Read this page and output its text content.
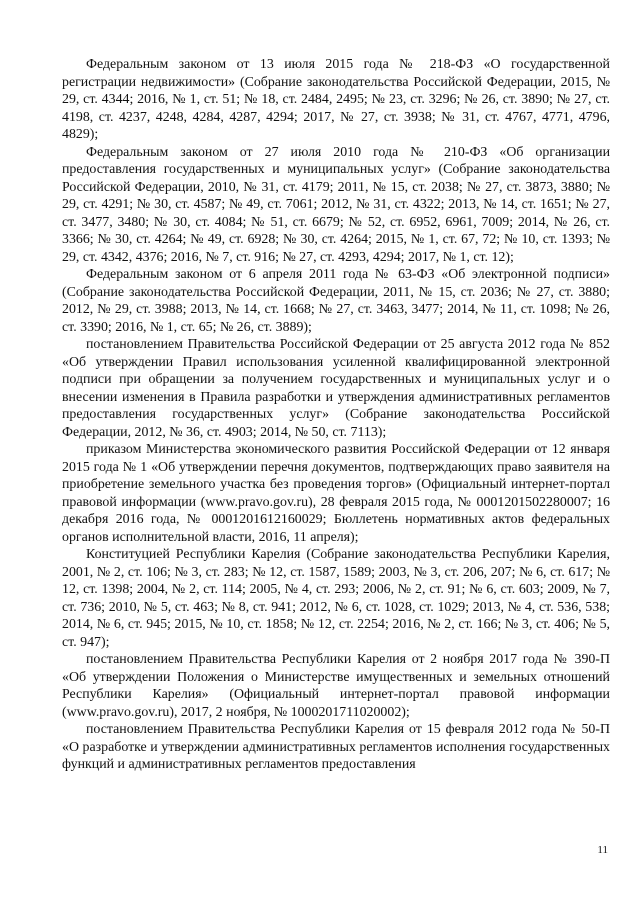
Федеральным законом от 13 июля 2015 года № 218-ФЗ «О государственной регистрации недвижимости» (Собрание законодательства Российской Федерации, 2015, № 29, ст. 4344; 2016, № 1, ст. 51; № 18, ст. 2484, 2495; № 23, ст. 3296; № 26, ст. 3890; № 27, ст. 4198, ст. 4237, 4248, 4284, 4287, 4294; 2017, № 27, ст. 3938; № 31, ст. 4767, 4771, 4796, 4829);

Федеральным законом от 27 июля 2010 года № 210-ФЗ «Об организации предоставления государственных и муниципальных услуг» (Собрание законодательства Российской Федерации, 2010, № 31, ст. 4179; 2011, № 15, ст. 2038; № 27, ст. 3873, 3880; № 29, ст. 4291; № 30, ст. 4587; № 49, ст. 7061; 2012, № 31, ст. 4322; 2013, № 14, ст. 1651; № 27, ст. 3477, 3480; № 30, ст. 4084; № 51, ст. 6679; № 52, ст. 6952, 6961, 7009; 2014, № 26, ст. 3366; № 30, ст. 4264; № 49, ст. 6928; № 30, ст. 4264; 2015, № 1, ст. 67, 72; № 10, ст. 1393; № 29, ст. 4342, 4376; 2016, № 7, ст. 916; № 27, ст. 4293, 4294; 2017, № 1, ст. 12);

Федеральным законом от 6 апреля 2011 года № 63-ФЗ «Об электронной подписи» (Собрание законодательства Российской Федерации, 2011, № 15, ст. 2036; № 27, ст. 3880; 2012, № 29, ст. 3988; 2013, № 14, ст. 1668; № 27, ст. 3463, 3477; 2014, № 11, ст. 1098; № 26, ст. 3390; 2016, № 1, ст. 65; № 26, ст. 3889);

постановлением Правительства Российской Федерации от 25 августа 2012 года № 852 «Об утверждении Правил использования усиленной квалифицированной электронной подписи при обращении за получением государственных и муниципальных услуг и о внесении изменения в Правила разработки и утверждения административных регламентов предоставления государственных услуг» (Собрание законодательства Российской Федерации, 2012, № 36, ст. 4903; 2014, № 50, ст. 7113);

приказом Министерства экономического развития Российской Федерации от 12 января 2015 года № 1 «Об утверждении перечня документов, подтверждающих право заявителя на приобретение земельного участка без проведения торгов» (Официальный интернет-портал правовой информации (www.pravo.gov.ru), 28 февраля 2015 года, № 0001201502280007; 16 декабря 2016 года, № 0001201612160029; Бюллетень нормативных актов федеральных органов исполнительной власти, 2016, 11 апреля);

Конституцией Республики Карелия (Собрание законодательства Республики Карелия, 2001, № 2, ст. 106; № 3, ст. 283; № 12, ст. 1587, 1589; 2003, № 3, ст. 206, 207; № 6, ст. 617; № 12, ст. 1398; 2004, № 2, ст. 114; 2005, № 4, ст. 293; 2006, № 2, ст. 91; № 6, ст. 603; 2009, № 7, ст. 736; 2010, № 5, ст. 463; № 8, ст. 941; 2012, № 6, ст. 1028, ст. 1029; 2013, № 4, ст. 536, 538; 2014, № 6, ст. 945; 2015, № 10, ст. 1858; № 12, ст. 2254; 2016, № 2, ст. 166; № 3, ст. 406; № 5, ст. 947);

постановлением Правительства Республики Карелия от 2 ноября 2017 года № 390-П «Об утверждении Положения о Министерстве имущественных и земельных отношений Республики Карелия» (Официальный интернет-портал правовой информации (www.pravo.gov.ru), 2017, 2 ноября, № 1000201711020002);

постановлением Правительства Республики Карелия от 15 февраля 2012 года № 50-П «О разработке и утверждении административных регламентов исполнения государственных функций и административных регламентов предоставления

11
